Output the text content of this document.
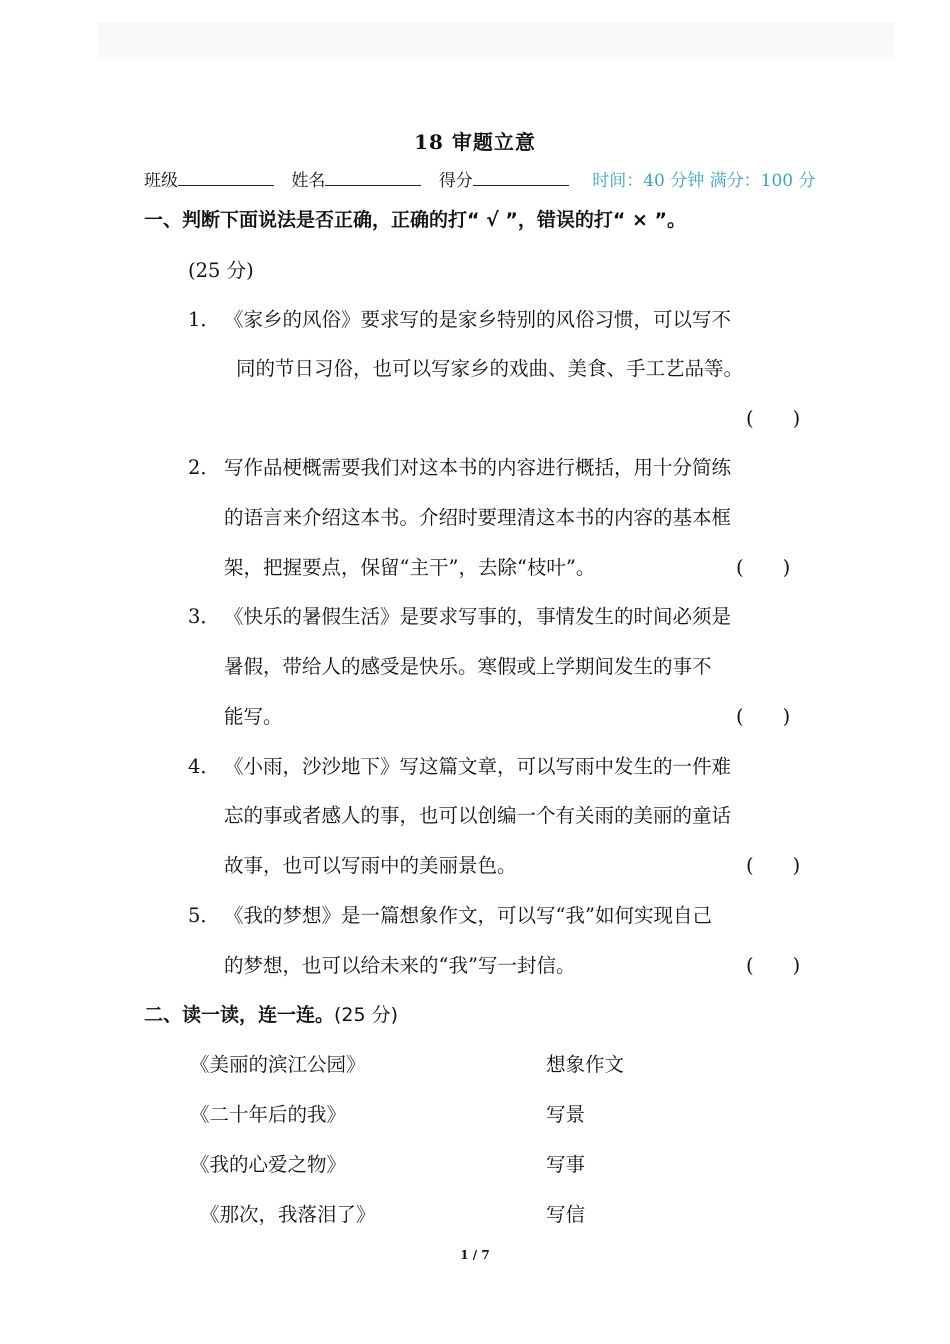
18 审题立意
班级	姓名	得分	时间：40 分钟 满分：100 分
一、判断下面说法是否正确，正确的打“ √ ”，错误的打“ × ”。
(25 分)
1． 《家乡的风俗》要求写的是家乡特别的风俗习惯，可以写不
同的节日习俗，也可以写家乡的戏曲、美食、手工艺品等。
(　　)
2． 写作品梗概需要我们对这本书的内容进行概括，用十分简练
的语言来介绍这本书。介绍时要理清这本书的内容的基本框
架，把握要点，保留“主干”，去除“枝叶”。	(　　)
3． 《快乐的暑假生活》是要求写事的，事情发生的时间必须是
暑假，带给人的感受是快乐。寒假或上学期间发生的事不
能写。	(　　)
4． 《小雨，沙沙地下》写这篇文章，可以写雨中发生的一件难
忘的事或者感人的事，也可以创编一个有关雨的美丽的童话
故事，也可以写雨中的美丽景色。	(　　)
5． 《我的梦想》是一篇想象作文，可以写“我”如何实现自己
的梦想，也可以给未来的“我”写一封信。	(　　)
二、读一读，连一连。(25 分)
《美丽的滨江公园》	想象作文
《二十年后的我》	写景
《我的心爱之物》	写事
《那次，我落泪了》	写信
1 / 7
